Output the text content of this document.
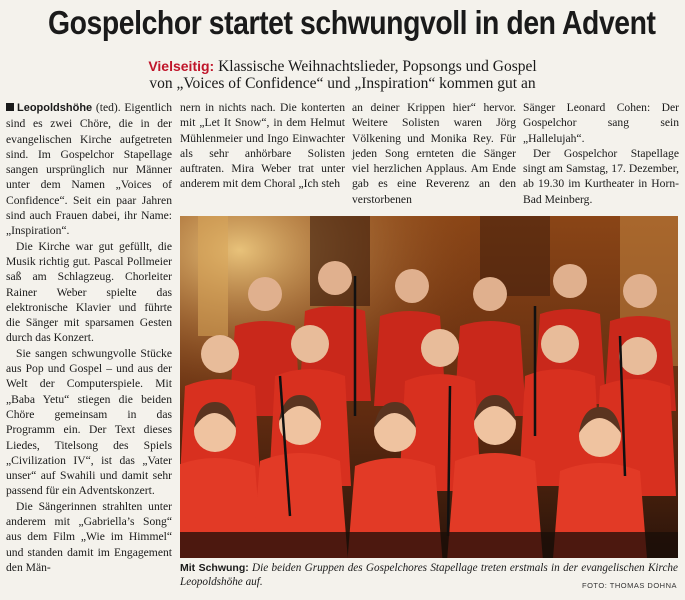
Gospelchor startet schwungvoll in den Advent
Vielseitig: Klassische Weihnachtslieder, Popsongs und Gospel
von „Voices of Confidence“ und „Inspiration“ kommen gut an

Leopoldshöhe (ted). Eigentlich sind es zwei Chöre, die in der evangelischen Kirche aufgetreten sind. Im Gospelchor Stapellage sangen ursprünglich nur Männer unter dem Namen „Voices of Confidence“. Seit ein paar Jahren sind auch Frauen dabei, ihr Name: „Inspiration“.

Die Kirche war gut gefüllt, die Musik richtig gut. Pascal Pollmeier saß am Schlagzeug. Chorleiter Rainer Weber spielte das elektronische Klavier und führte die Sänger mit sparsamen Gesten durch das Konzert.

Sie sangen schwungvolle Stücke aus Pop und Gospel – und aus der Welt der Computerspiele. Mit „Baba Yetu“ stiegen die beiden Chöre gemeinsam in das Programm ein. Der Text dieses Liedes, Titelsong des Spiels „Civilization IV“, ist das „Vater unser“ auf Swahili und damit sehr passend für ein Adventskonzert.

Die Sängerinnen strahlten unter anderem mit „Gabriella’s Song“ aus dem Film „Wie im Himmel“ und standen damit im Engagement den Män-

nern in nichts nach. Die konterten mit „Let It Snow“, in dem Helmut Mühlenmeier und Ingo Einwachter als sehr anhörbare Solisten auftraten. Mira Weber trat unter anderem mit dem Choral „Ich steh

an deiner Krippen hier“ hervor. Weitere Solisten waren Jörg Völkening und Monika Rey. Für jeden Song ernteten die Sänger viel herzlichen Applaus. Am Ende gab es eine Reverenz an den verstorbenen

Sänger Leonard Cohen: Der Gospelchor sang sein „Hallelujah“.

Der Gospelchor Stapellage singt am Samstag, 17. Dezember, ab 19.30 im Kurtheater in Horn-Bad Meinberg.

Mit Schwung: Die beiden Gruppen des Gospelchores Stapellage treten erstmals in der evangelischen Kirche Leopoldshöhe auf.	FOTO: THOMAS DOHNA
